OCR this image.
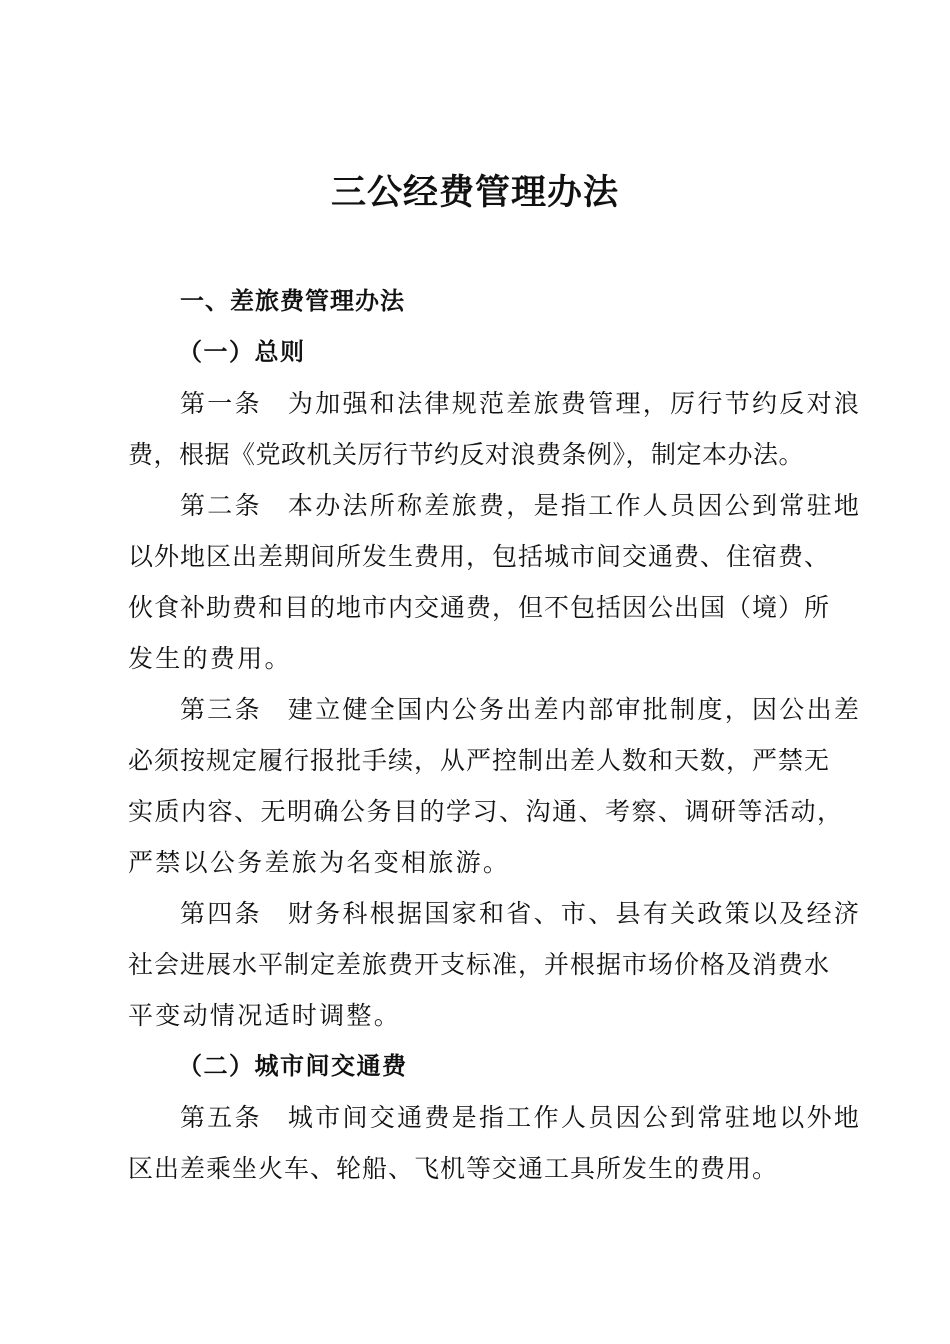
三公经费管理办法

一、差旅费管理办法

（一）总则

第一条 为加强和法律规范差旅费管理，厉行节约反对浪

费，根据《党政机关厉行节约反对浪费条例》，制定本办法。

第二条 本办法所称差旅费，是指工作人员因公到常驻地

以外地区出差期间所发生费用，包括城市间交通费、住宿费、

伙食补助费和目的地市内交通费，但不包括因公出国（境）所

发生的费用。

第三条 建立健全国内公务出差内部审批制度，因公出差

必须按规定履行报批手续，从严控制出差人数和天数，严禁无

实质内容、无明确公务目的学习、沟通、考察、调研等活动，

严禁以公务差旅为名变相旅游。

第四条 财务科根据国家和省、市、县有关政策以及经济

社会进展水平制定差旅费开支标准，并根据市场价格及消费水

平变动情况适时调整。

（二）城市间交通费

第五条 城市间交通费是指工作人员因公到常驻地以外地

区出差乘坐火车、轮船、飞机等交通工具所发生的费用。
